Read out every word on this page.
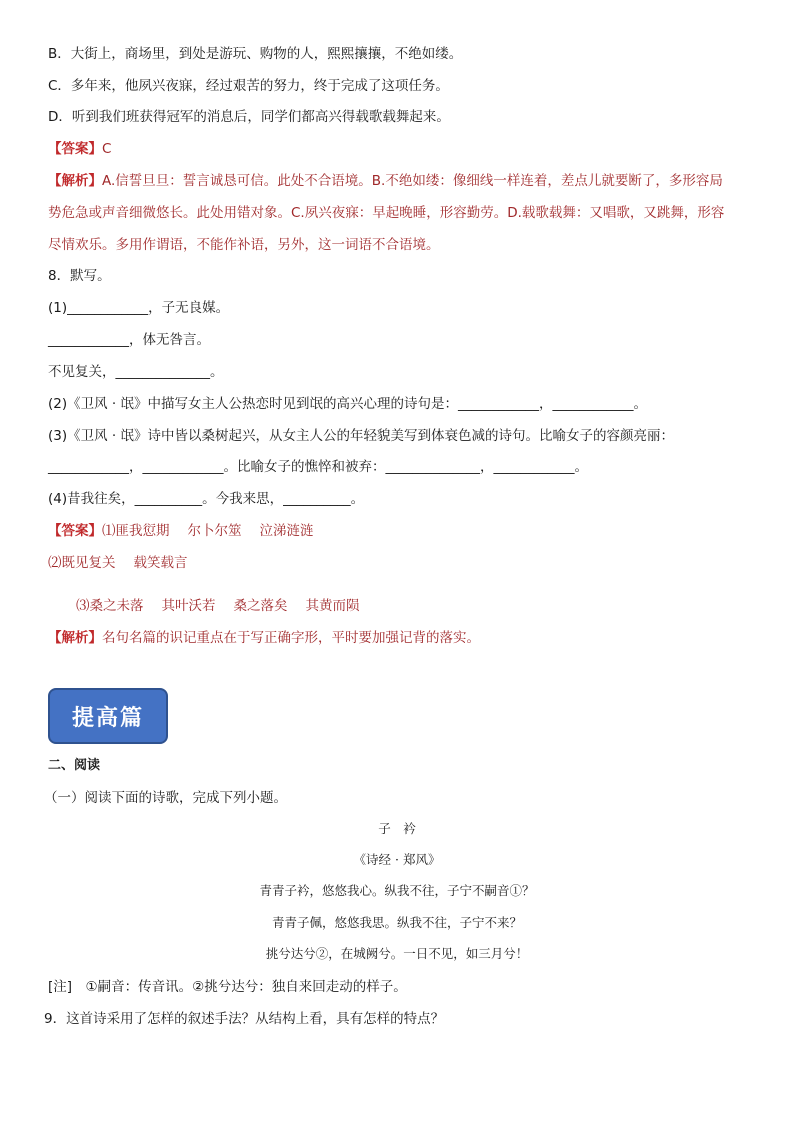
B．大街上，商场里，到处是游玩、购物的人，熙熙攘攘，不绝如缕。
C．多年来，他夙兴夜寐，经过艰苦的努力，终于完成了这项任务。
D．听到我们班获得冠军的消息后，同学们都高兴得载歌载舞起来。
【答案】C
【解析】A.信誓旦旦：誓言诚恳可信。此处不合语境。B.不绝如缕：像细线一样连着，差点儿就要断了，多形容局
势危急或声音细微悠长。此处用错对象。C.夙兴夜寐：早起晚睡，形容勤劳。D.载歌载舞：又唱歌，又跳舞，形容
尽情欢乐。多用作谓语，不能作补语，另外，这一词语不合语境。
8．默写。
(1)____________，子无良媒。
____________，体无咎言。
不见复关，______________。
(2)《卫风 · 氓》中描写女主人公热恋时见到氓的高兴心理的诗句是：____________，____________。
(3)《卫风 · 氓》诗中皆以桑树起兴，从女主人公的年轻貌美写到体衰色减的诗句。比喻女子的容颜亮丽：
____________，____________。比喻女子的憔悴和被弃：______________，____________。
(4)昔我往矣，__________。今我来思，__________。
【答案】⑴匪我愆期 尔卜尔筮 泣涕涟涟
⑵既见复关 载笑载言
⑶桑之未落 其叶沃若 桑之落矣 其黄而陨
【解析】名句名篇的识记重点在于写正确字形，平时要加强记背的落实。
提高篇
二、阅读
（一）阅读下面的诗歌，完成下列小题。
子　衿
《诗经 · 郑风》
青青子衿，悠悠我心。纵我不往，子宁不嗣音①？
青青子佩，悠悠我思。纵我不往，子宁不来？
挑兮达兮②，在城阙兮。一日不见，如三月兮！
[注]　①嗣音：传音讯。②挑兮达兮：独自来回走动的样子。
9．这首诗采用了怎样的叙述手法？从结构上看，具有怎样的特点？
